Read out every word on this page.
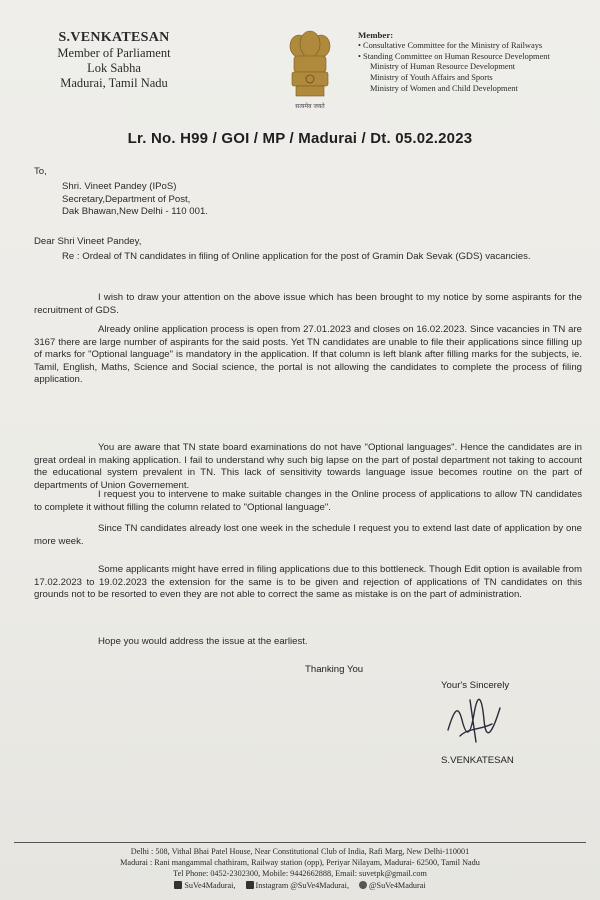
S.VENKATESAN
Member of Parliament
Lok Sabha
Madurai, Tamil Nadu
सत्यमेव जयते
Member:
• Consultative Committee for the Ministry of Railways
• Standing Committee on Human Resource Development
Ministry of Human Resource Development
Ministry of Youth Affairs and Sports
Ministry of Women and Child Development
Lr. No. H99 / GOI / MP / Madurai / Dt. 05.02.2023
To,
Shri. Vineet Pandey (IPoS)
Secretary,Department of Post,
Dak Bhawan,New Delhi - 110 001.
Dear Shri Vineet Pandey,
Re : Ordeal of TN candidates in filing of Online application for the post of Gramin Dak Sevak (GDS) vacancies.
I wish to draw your attention on the above issue which has been brought to my notice by some aspirants for the recruitment of GDS.
Already online application process is open from 27.01.2023 and closes on 16.02.2023. Since vacancies in TN are 3167 there are large number of aspirants for the said posts. Yet TN candidates are unable to file their applications since filling up of marks for "Optional language" is mandatory in the application. If that column is left blank after filling marks for the subjects, ie. Tamil, English, Maths, Science and Social science, the portal is not allowing the candidates to complete the process of filing application.
You are aware that TN state board examinations do not have "Optional languages". Hence the candidates are in great ordeal in making application. I fail to understand why such big lapse on the part of postal department not taking to account the educational system prevalent in TN. This lack of sensitivity towards language issue becomes routine on the part of departments of Union Governement.
I request you to intervene to make suitable changes in the Online process of applications to allow TN candidates to complete it without filling the column related to "Optional language".
Since TN candidates already lost one week in the schedule I request you to extend last date of application by one more week.
Some applicants might have erred in filing applications due to this bottleneck. Though Edit option is available from 17.02.2023 to 19.02.2023 the extension for the same is to be given and rejection of applications of TN candidates on this grounds not to be resorted to even they are not able to correct the same as mistake is on the part of administration.
Hope you would address the issue at the earliest.
Thanking You
Your's Sincerely
S.VENKATESAN
Delhi : 508, Vithal Bhai Patel House, Near Constitutional Club of India, Rafi Marg, New Delhi-110001
Madurai : Rani mangammal chathiram, Railway station (opp), Periyar Nilayam, Madurai- 62500, Tamil Nadu
Tel Phone: 0452-2302300, Mobile: 9442662888, Email: suvetpk@gmail.com
SuVe4Madurai,	Instagram @SuVe4Madurai,	@SuVe4Madurai
